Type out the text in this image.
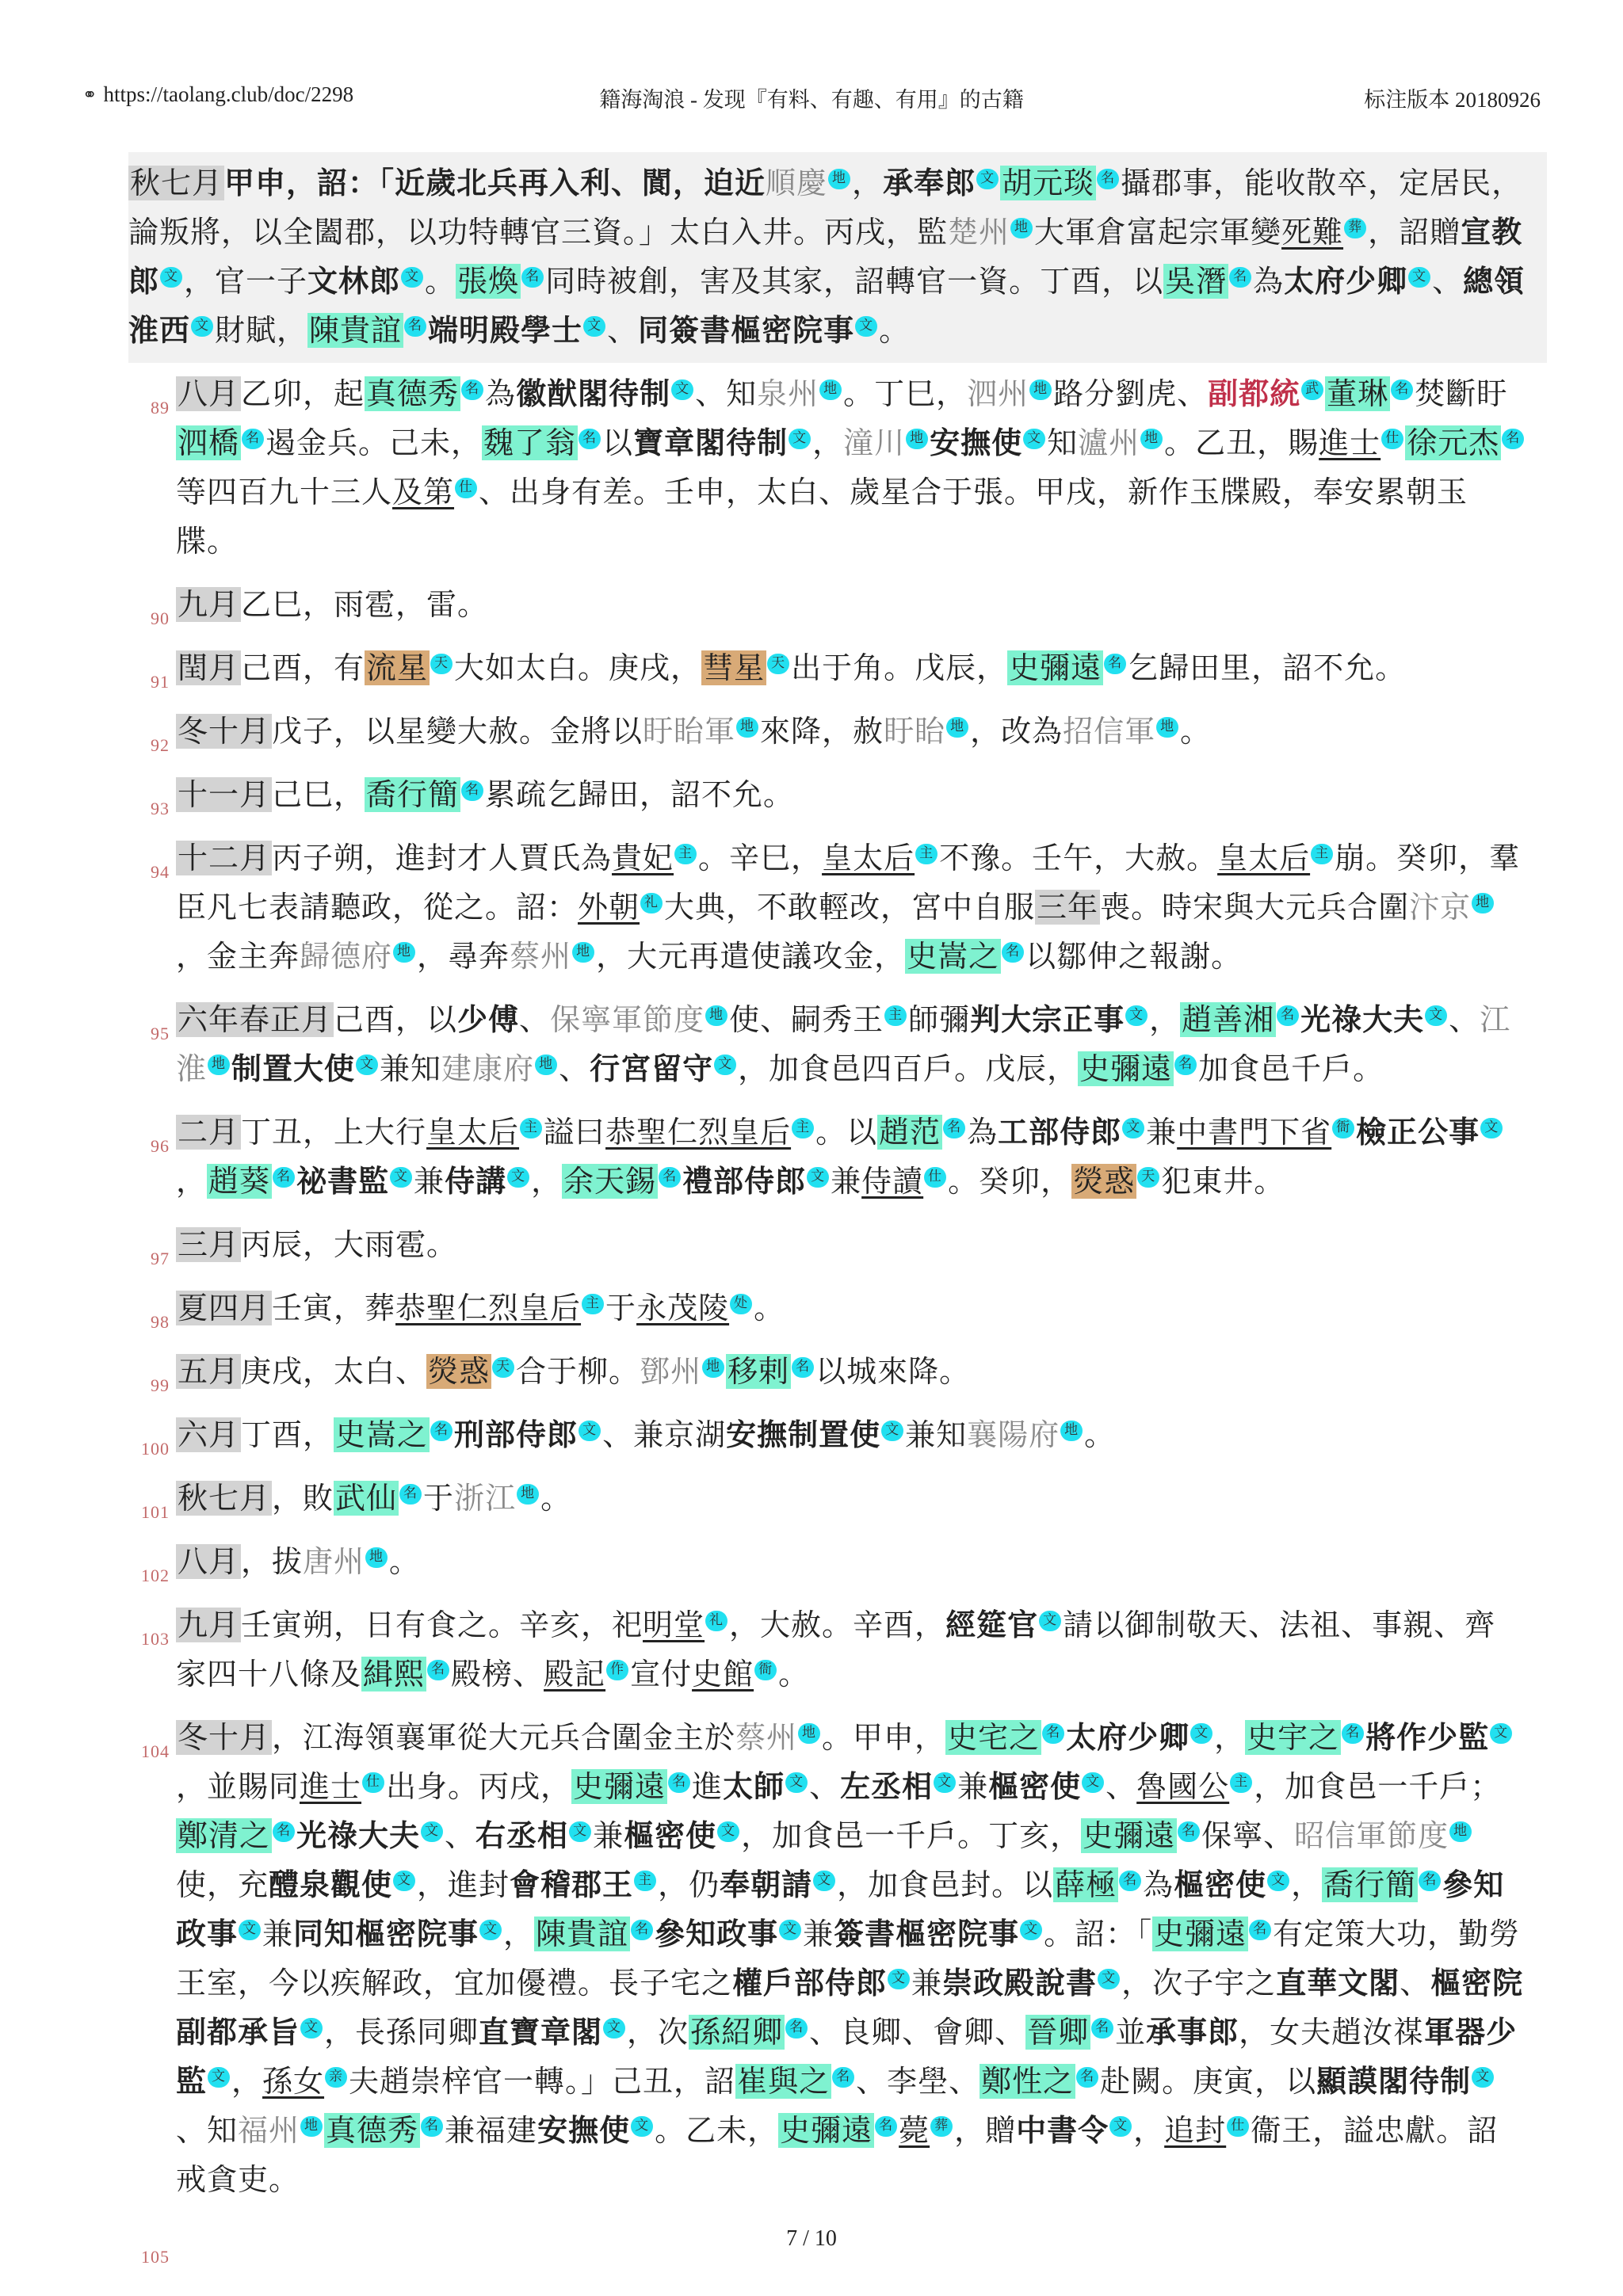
⚭ https://taolang.club/doc/2298	籍海淘浪 - 发现『有料、有趣、有用』的古籍	标注版本 20180926
秋七月甲申，詔：「近歲北兵再入利、閬，迫近順慶 地 ，承奉郎 文 胡元琰 名 攝郡事，能收散卒，定居民，論叛將，以全闔郡，以功特轉官三資。」太白入井。丙戌，監楚州 地 大軍倉富起宗軍變死難 葬 ，詔贈宣教郎 文 ，官一子文林郎 文 。張煥 名 同時被創，害及其家，詔轉官一資。丁酉，以吳潛 名 為太府少卿 文 、總領淮西 文 財賦，陳貴誼 名 端明殿學士 文 、同簽書樞密院事 文 。
89 八月乙卯，起真德秀 名 為徽猷閣待制 文 、知泉州 地 。丁巳，泗州 地 路分劉虎、副都統 武 董琳 名 焚斷盱泗橋 名 遏金兵。己未，魏了翁 名 以寶章閣待制 文 ，潼川 地 安撫使 文 知瀘州 地 。乙丑，賜進士 仕 徐元杰 名等四百九十三人及第 仕 、出身有差。壬申，太白、歲星合于張。甲戌，新作玉牒殿，奉安累朝玉牒。
90 九月乙巳，雨雹，雷。
91 閏月己酉，有流星 天 大如太白。庚戌，彗星 天 出于角。戊辰，史彌遠 名 乞歸田里，詔不允。
92 冬十月戊子，以星變大赦。金將以盱眙軍 地 來降，赦盱眙 地 ，改為招信軍 地 。
93 十一月己巳，喬行簡 名 累疏乞歸田，詔不允。
94 十二月丙子朔，進封才人賈氏為貴妃 主 。辛巳，皇太后 主 不豫。壬午，大赦。皇太后 主 崩。癸卯，羣臣凡七表請聽政，從之。詔：外朝 礼 大典，不敢輕改，宮中自服三年喪。時宋與大元兵合圍汴京 地，金主奔歸德府 地 ，尋奔蔡州 地 ，大元再遣使議攻金，史嵩之 名 以鄒伸之報謝。
95 六年春正月己酉，以少傅、保寧軍節度 地 使、嗣秀王 主 師彌判大宗正事 文 ，趙善湘 名 光祿大夫 文 、江淮 地 制置大使 文 兼知建康府 地 、行宮留守 文 ，加食邑四百戶。戊辰，史彌遠 名 加食邑千戶。
96 二月丁丑，上大行皇太后 主 謚曰恭聖仁烈皇后 主 。以趙范 名 為工部侍郎 文 兼中書門下省 衙 檢正公事 文，趙葵 名 祕書監 文 兼侍講 文 ，余天錫 名 禮部侍郎 文 兼侍讀 仕 。癸卯，熒惑 天 犯東井。
97 三月丙辰，大雨雹。
98 夏四月壬寅，葬恭聖仁烈皇后 主 于永茂陵 处 。
99 五月庚戌，太白、熒惑 天 合于柳。鄧州 地 移剌 名 以城來降。
100 六月丁酉，史嵩之 名 刑部侍郎 文 、兼京湖安撫制置使 文 兼知襄陽府 地 。
101 秋七月，敗武仙 名 于浙江 地 。
102 八月，拔唐州 地 。
103 九月壬寅朔，日有食之。辛亥，祀明堂 礼 ，大赦。辛酉，經筵官 文 請以御制敬天、法祖、事親、齊家四十八條及緝熙 名 殿榜、殿記 作 宣付史館 衙 。
104 冬十月，江海領襄軍從大元兵合圍金主於蔡州 地 。甲申，史宅之 名 太府少卿 文 ，史宇之 名 將作少監 文，並賜同進士 仕 出身。丙戌，史彌遠 名 進太師 文 、左丞相 文 兼樞密使 文 、魯國公 主 ，加食邑一千戶；鄭清之 名 光祿大夫 文 、右丞相 文 兼樞密使 文 ，加食邑一千戶。丁亥，史彌遠 名 保寧、昭信軍節度 地使，充醴泉觀使 文 ，進封會稽郡王 主 ，仍奉朝請 文 ，加食邑封。以薛極 名 為樞密使 文 ，喬行簡 名 參知政事 文 兼同知樞密院事 文 ，陳貴誼 名 參知政事 文 兼簽書樞密院事 文 。詔：「史彌遠 名 有定策大功，勤勞王室，今以疾解政，宜加優禮。長子宅之權戶部侍郎 文 兼崇政殿說書 文 ，次子宇之直華文閣、樞密院副都承旨 文 ，長孫同卿直寶章閣 文 ，次孫紹卿 名 、良卿、會卿、晉卿 名 並承事郎，女夫趙汝禖軍器少監 文 ，孫女 亲 夫趙崇梓官一轉。」己丑，詔崔與之 名 、李壆、鄭性之 名 赴闕。庚寅，以顯謨閣待制 文、知福州 地 真德秀 名 兼福建安撫使 文 。乙未，史彌遠 名 薨 葬 ，贈中書令 文 ，追封 仕 衞王，謚忠獻。詔戒貪吏。
105
7 / 10
